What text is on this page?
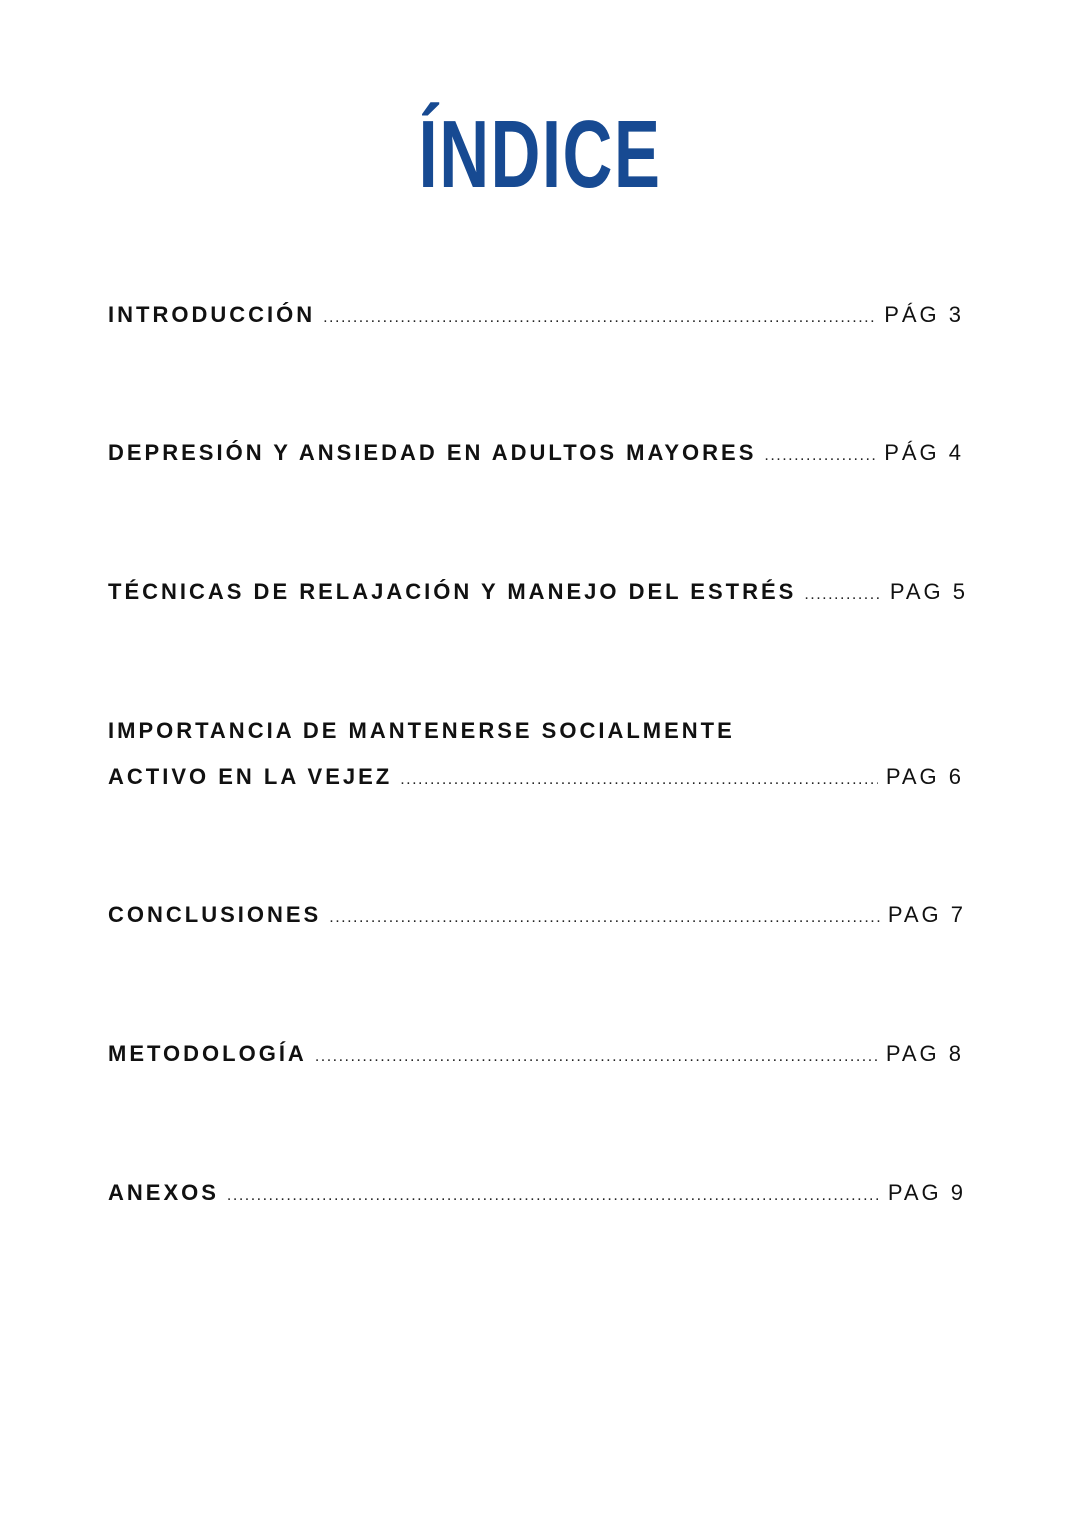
ÍNDICE
INTRODUCCIÓN .....	PÁG 3
DEPRESIÓN Y ANSIEDAD EN ADULTOS MAYORES .....	PÁG 4
TÉCNICAS DE RELAJACIÓN Y MANEJO DEL ESTRÉS .....	PAG 5
IMPORTANCIA DE MANTENERSE SOCIALMENTE
ACTIVO EN LA VEJEZ .....	PAG 6
CONCLUSIONES .....	PAG 7
METODOLOGÍA .....	PAG 8
ANEXOS .....	PAG 9
